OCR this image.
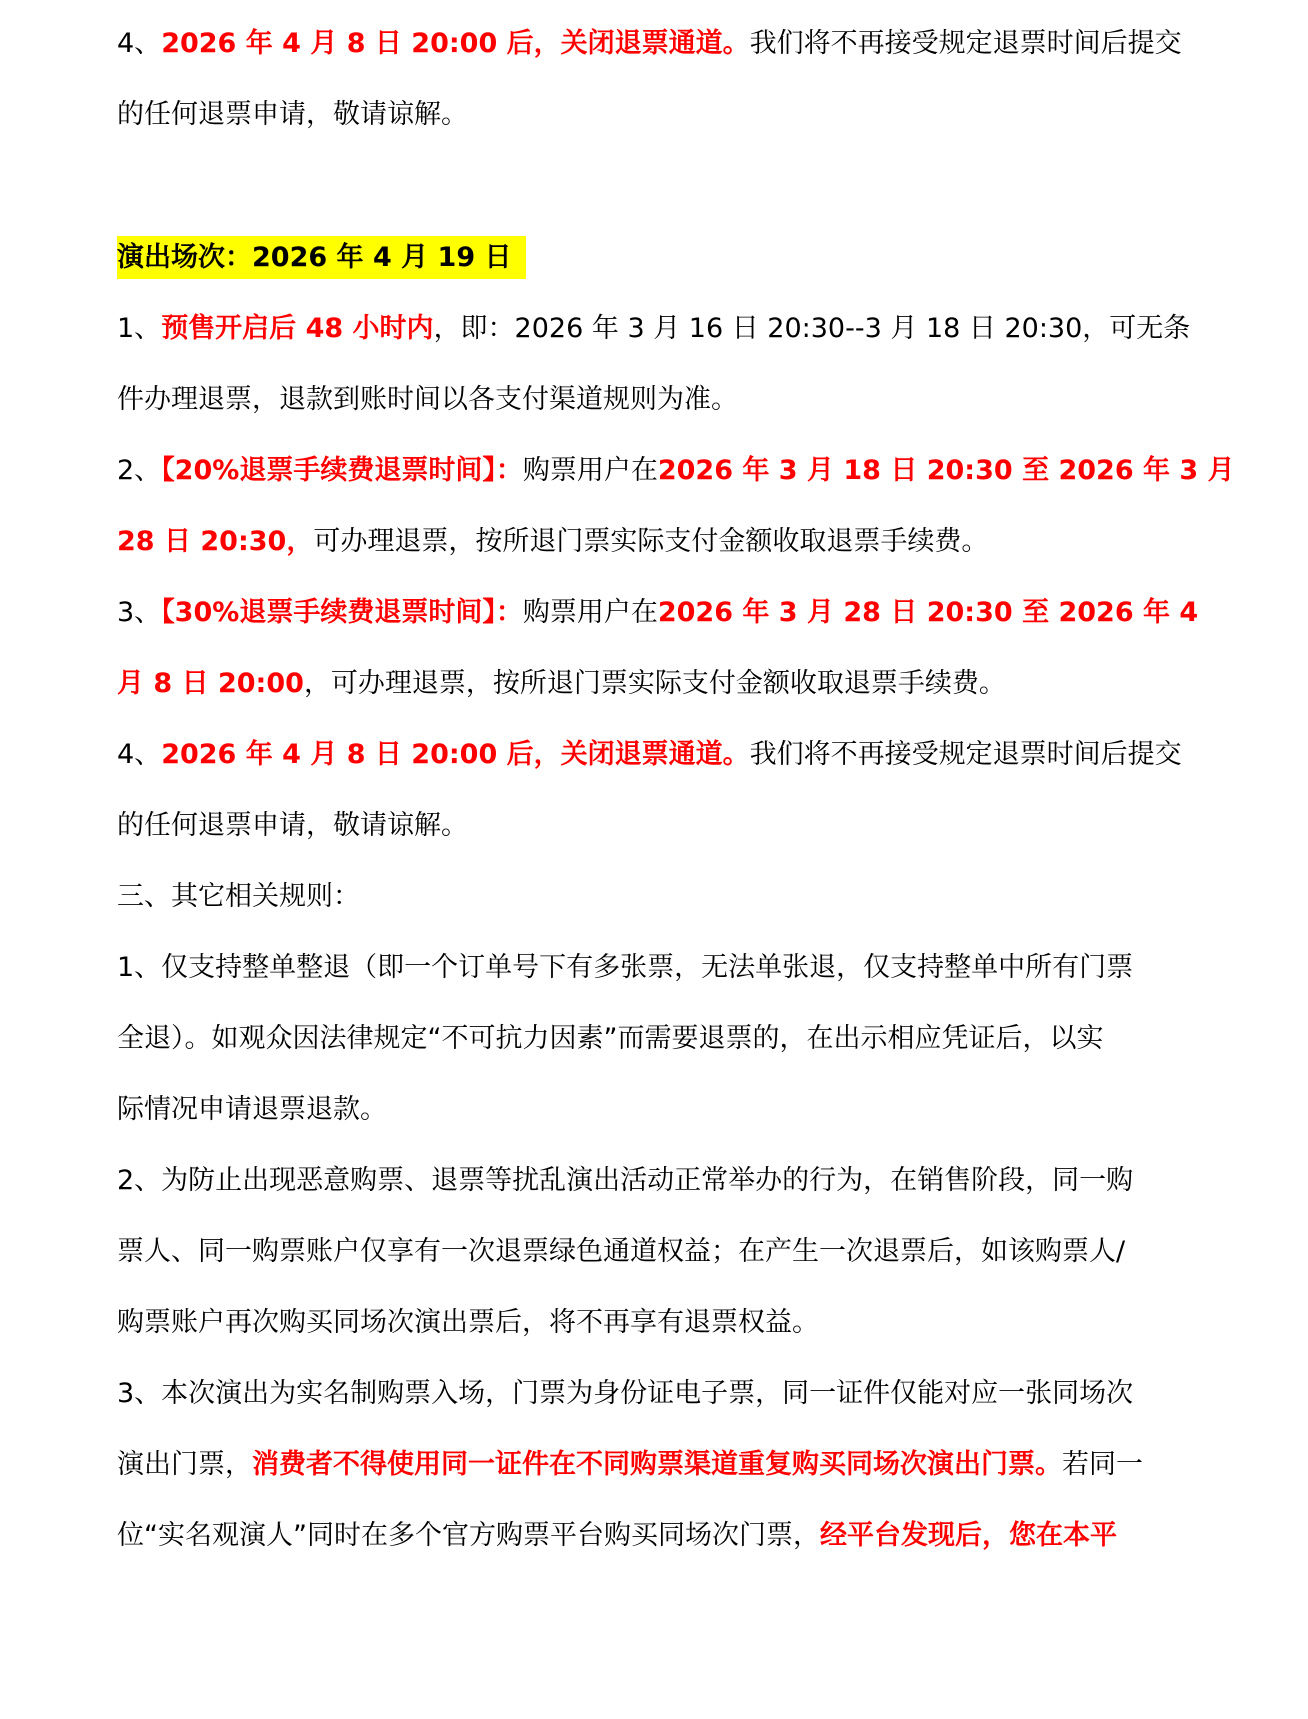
4、2026 年 4 月 8 日 20:00 后，关闭退票通道。我们将不再接受规定退票时间后提交
的任何退票申请，敬请谅解。
演出场次：2026 年 4 月 19 日
1、预售开启后 48 小时内，即：2026 年 3 月 16 日 20:30--3 月 18 日 20:30，可无条
件办理退票，退款到账时间以各支付渠道规则为准。
2、【20%退票手续费退票时间】：购票用户在2026 年 3 月 18 日 20:30 至 2026 年 3 月
28 日 20:30，可办理退票，按所退门票实际支付金额收取退票手续费。
3、【30%退票手续费退票时间】：购票用户在2026 年 3 月 28 日 20:30 至 2026 年 4
月 8 日 20:00，可办理退票，按所退门票实际支付金额收取退票手续费。
4、2026 年 4 月 8 日 20:00 后，关闭退票通道。我们将不再接受规定退票时间后提交
的任何退票申请，敬请谅解。
三、其它相关规则：
1、仅支持整单整退（即一个订单号下有多张票，无法单张退，仅支持整单中所有门票
全退）。如观众因法律规定“不可抗力因素”而需要退票的，在出示相应凭证后，以实
际情况申请退票退款。
2、为防止出现恶意购票、退票等扰乱演出活动正常举办的行为，在销售阶段，同一购
票人、同一购票账户仅享有一次退票绿色通道权益；在产生一次退票后，如该购票人/
购票账户再次购买同场次演出票后，将不再享有退票权益。
3、本次演出为实名制购票入场，门票为身份证电子票，同一证件仅能对应一张同场次
演出门票，消费者不得使用同一证件在不同购票渠道重复购买同场次演出门票。若同一
位“实名观演人”同时在多个官方购票平台购买同场次门票，经平台发现后，您在本平
